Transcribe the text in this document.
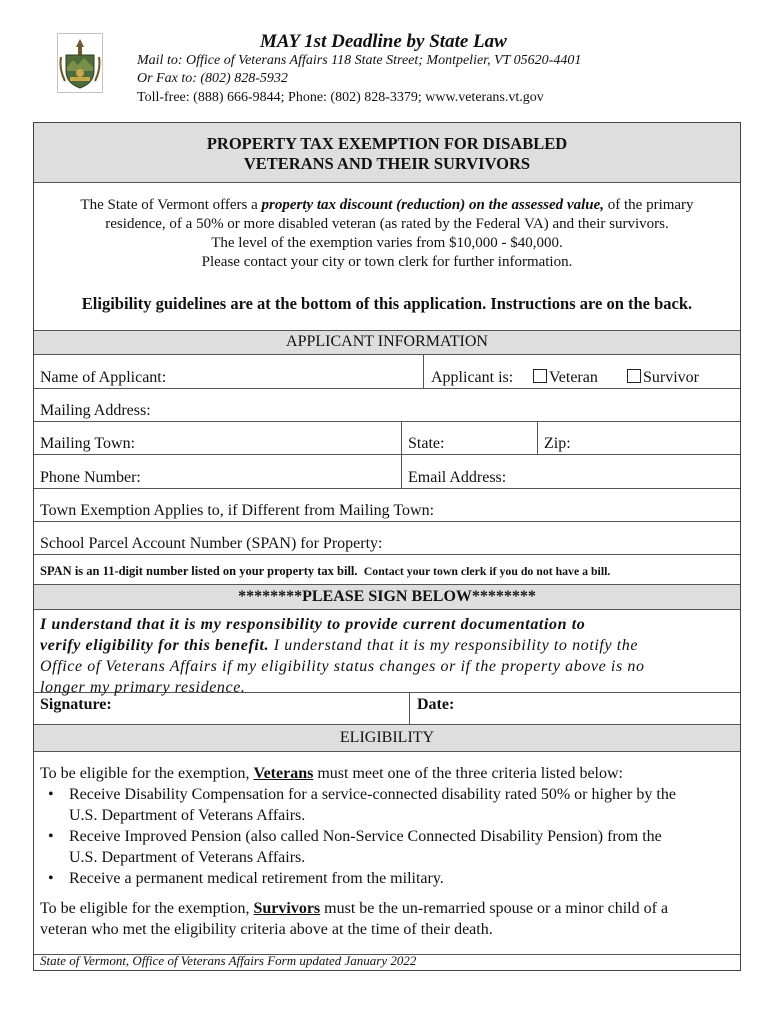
MAY 1st Deadline by State Law
Mail to: Office of Veterans Affairs 118 State Street; Montpelier, VT 05620-4401
Or Fax to: (802) 828-5932
Toll-free: (888) 666-9844; Phone: (802) 828-3379; www.veterans.vt.gov
PROPERTY TAX EXEMPTION FOR DISABLED
VETERANS AND THEIR SURVIVORS
The State of Vermont offers a property tax discount (reduction) on the assessed value, of the primary
residence, of a 50% or more disabled veteran (as rated by the Federal VA) and their survivors.
The level of the exemption varies from $10,000 - $40,000.
Please contact your city or town clerk for further information.
Eligibility guidelines are at the bottom of this application. Instructions are on the back.
APPLICANT INFORMATION
Name of Applicant:	Applicant is:	Veteran	Survivor
Mailing Address:
Mailing Town:	State:	Zip:
Phone Number:	Email Address:
Town Exemption Applies to, if Different from Mailing Town:
School Parcel Account Number (SPAN) for Property:
SPAN is an 11-digit number listed on your property tax bill. Contact your town clerk if you do not have a bill.
********PLEASE SIGN BELOW********
I understand that it is my responsibility to provide current documentation to
verify eligibility for this benefit. I understand that it is my responsibility to notify the
Office of Veterans Affairs if my eligibility status changes or if the property above is no
longer my primary residence.
Signature:	Date:
ELIGIBILITY
To be eligible for the exemption, Veterans must meet one of the three criteria listed below:
• Receive Disability Compensation for a service-connected disability rated 50% or higher by the
U.S. Department of Veterans Affairs.
• Receive Improved Pension (also called Non-Service Connected Disability Pension) from the
U.S. Department of Veterans Affairs.
• Receive a permanent medical retirement from the military.
To be eligible for the exemption, Survivors must be the un-remarried spouse or a minor child of a
veteran who met the eligibility criteria above at the time of their death.
State of Vermont, Office of Veterans Affairs Form updated January 2022
